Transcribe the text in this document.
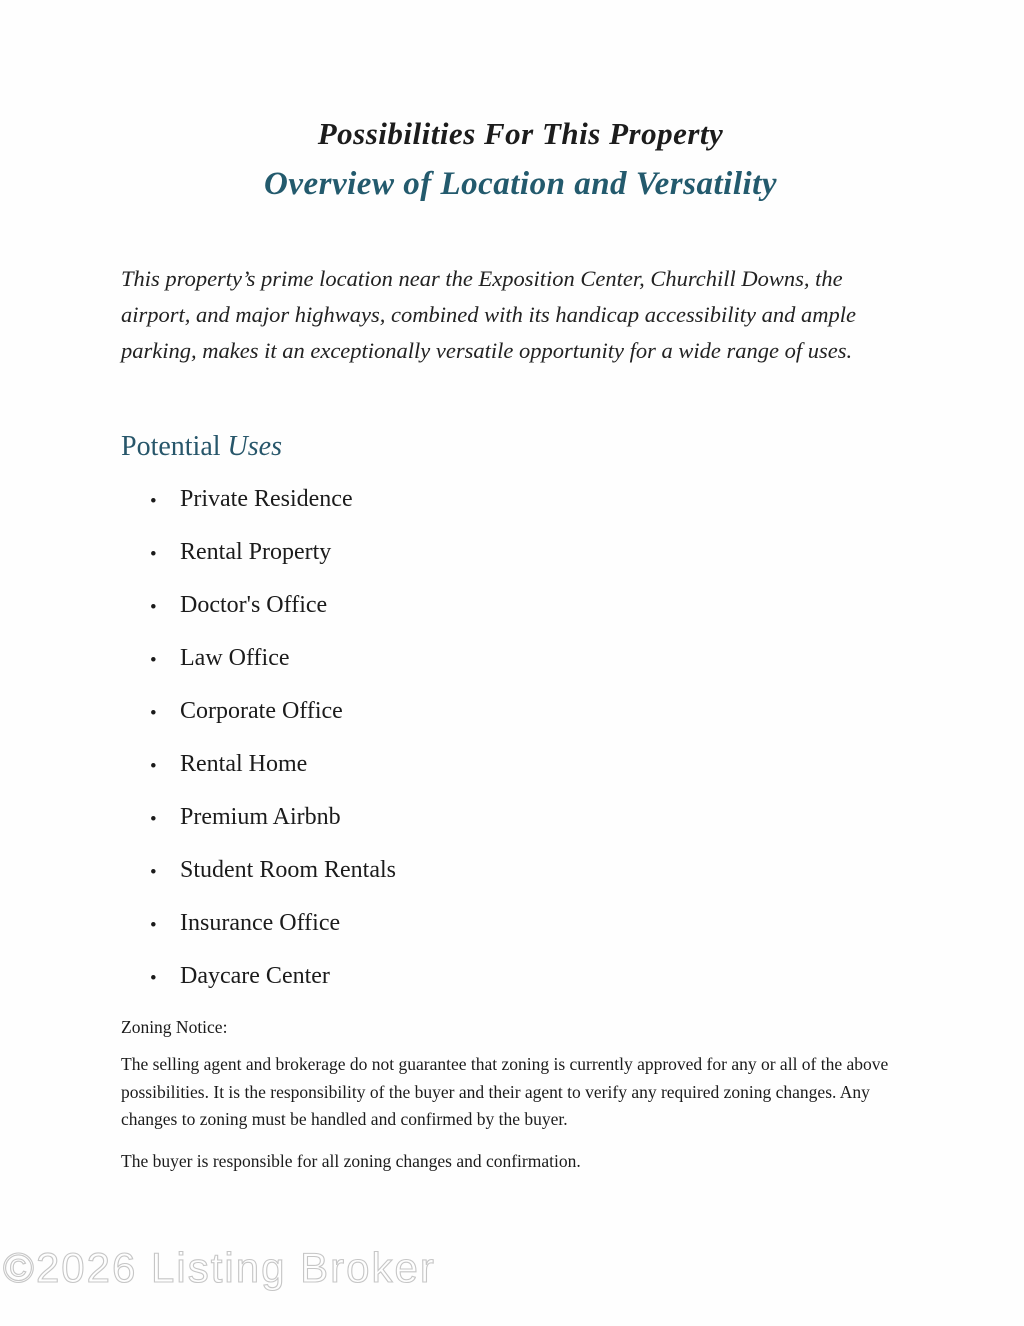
Possibilities For This Property
Overview of Location and Versatility

This property’s prime location near the Exposition Center, Churchill Downs, the airport, and major highways, combined with its handicap accessibility and ample parking, makes it an exceptionally versatile opportunity for a wide range of uses.

Potential Uses
• Private Residence
• Rental Property
• Doctor's Office
• Law Office
• Corporate Office
• Rental Home
• Premium Airbnb
• Student Room Rentals
• Insurance Office
• Daycare Center
Zoning Notice:

The selling agent and brokerage do not guarantee that zoning is currently approved for any or all of the above possibilities. It is the responsibility of the buyer and their agent to verify any required zoning changes. Any changes to zoning must be handled and confirmed by the buyer.

The buyer is responsible for all zoning changes and confirmation.

©2026 Listing Broker
